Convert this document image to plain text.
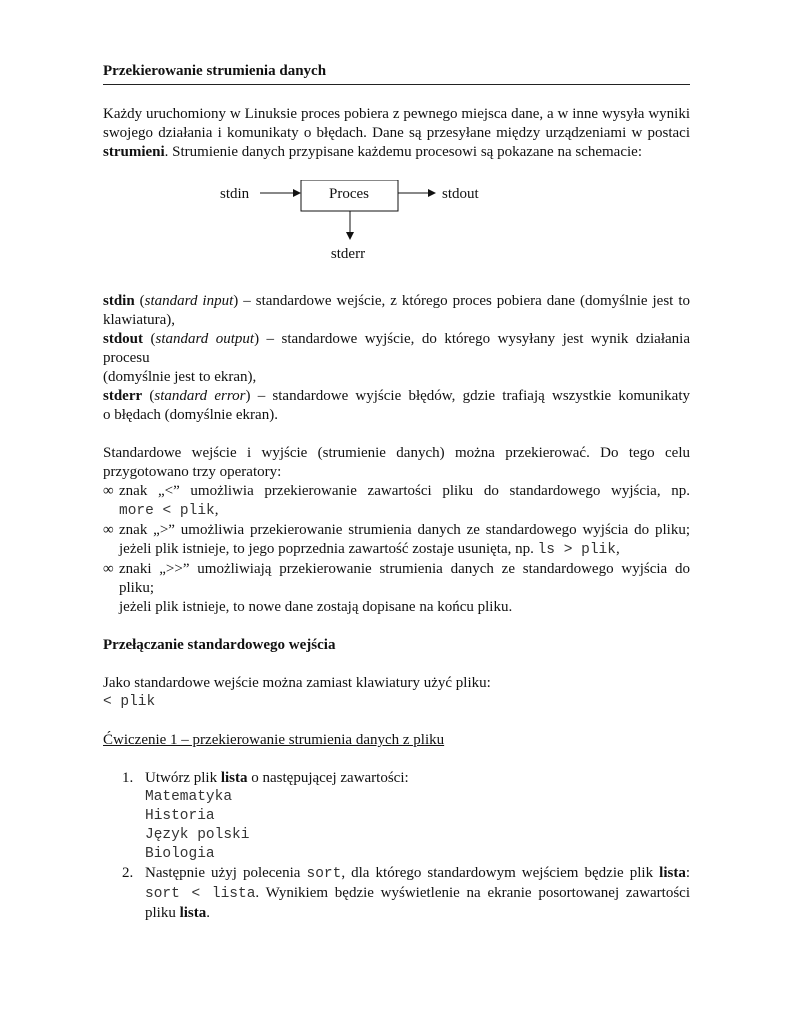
Przekierowanie strumienia danych

Każdy uruchomiony w Linuksie proces pobiera z pewnego miejsca dane, a w inne wysyła wyniki

swojego działania i komunikaty o błędach. Dane są przesyłane między urządzeniami w postaci

strumieni. Strumienie danych przypisane każdemu procesowi są pokazane na schemacie:

Proces
stdin	stdout
stderr

stdin (standard input) – standardowe wejście, z którego proces pobiera dane (domyślnie jest to

klawiatura),

stdout (standard output) – standardowe wyjście, do którego wysyłany jest wynik działania procesu

(domyślnie jest to ekran),

stderr (standard error) – standardowe wyjście błędów, gdzie trafiają wszystkie komunikaty

o błędach (domyślnie ekran).

Standardowe wejście i wyjście (strumienie danych) można przekierować. Do tego celu

przygotowano trzy operatory:

∞ znak „<” umożliwia przekierowanie zawartości pliku do standardowego wyjścia, np.

more < plik,

∞ znak „>” umożliwia przekierowanie strumienia danych ze standardowego wyjścia do pliku;

jeżeli plik istnieje, to jego poprzednia zawartość zostaje usunięta, np. ls > plik,

∞ znaki „>>” umożliwiają przekierowanie strumienia danych ze standardowego wyjścia do pliku;

jeżeli plik istnieje, to nowe dane zostają dopisane na końcu pliku.

Przełączanie standardowego wejścia

Jako standardowe wejście można zamiast klawiatury użyć pliku:

< plik

Ćwiczenie 1 – przekierowanie strumienia danych z pliku

1. Utwórz plik lista o następującej zawartości:

Matematyka
Historia
Język polski
Biologia
2. Następnie użyj polecenia sort, dla którego standardowym wejściem będzie plik lista:

sort < lista. Wynikiem będzie wyświetlenie na ekranie posortowanej zawartości

pliku lista.
